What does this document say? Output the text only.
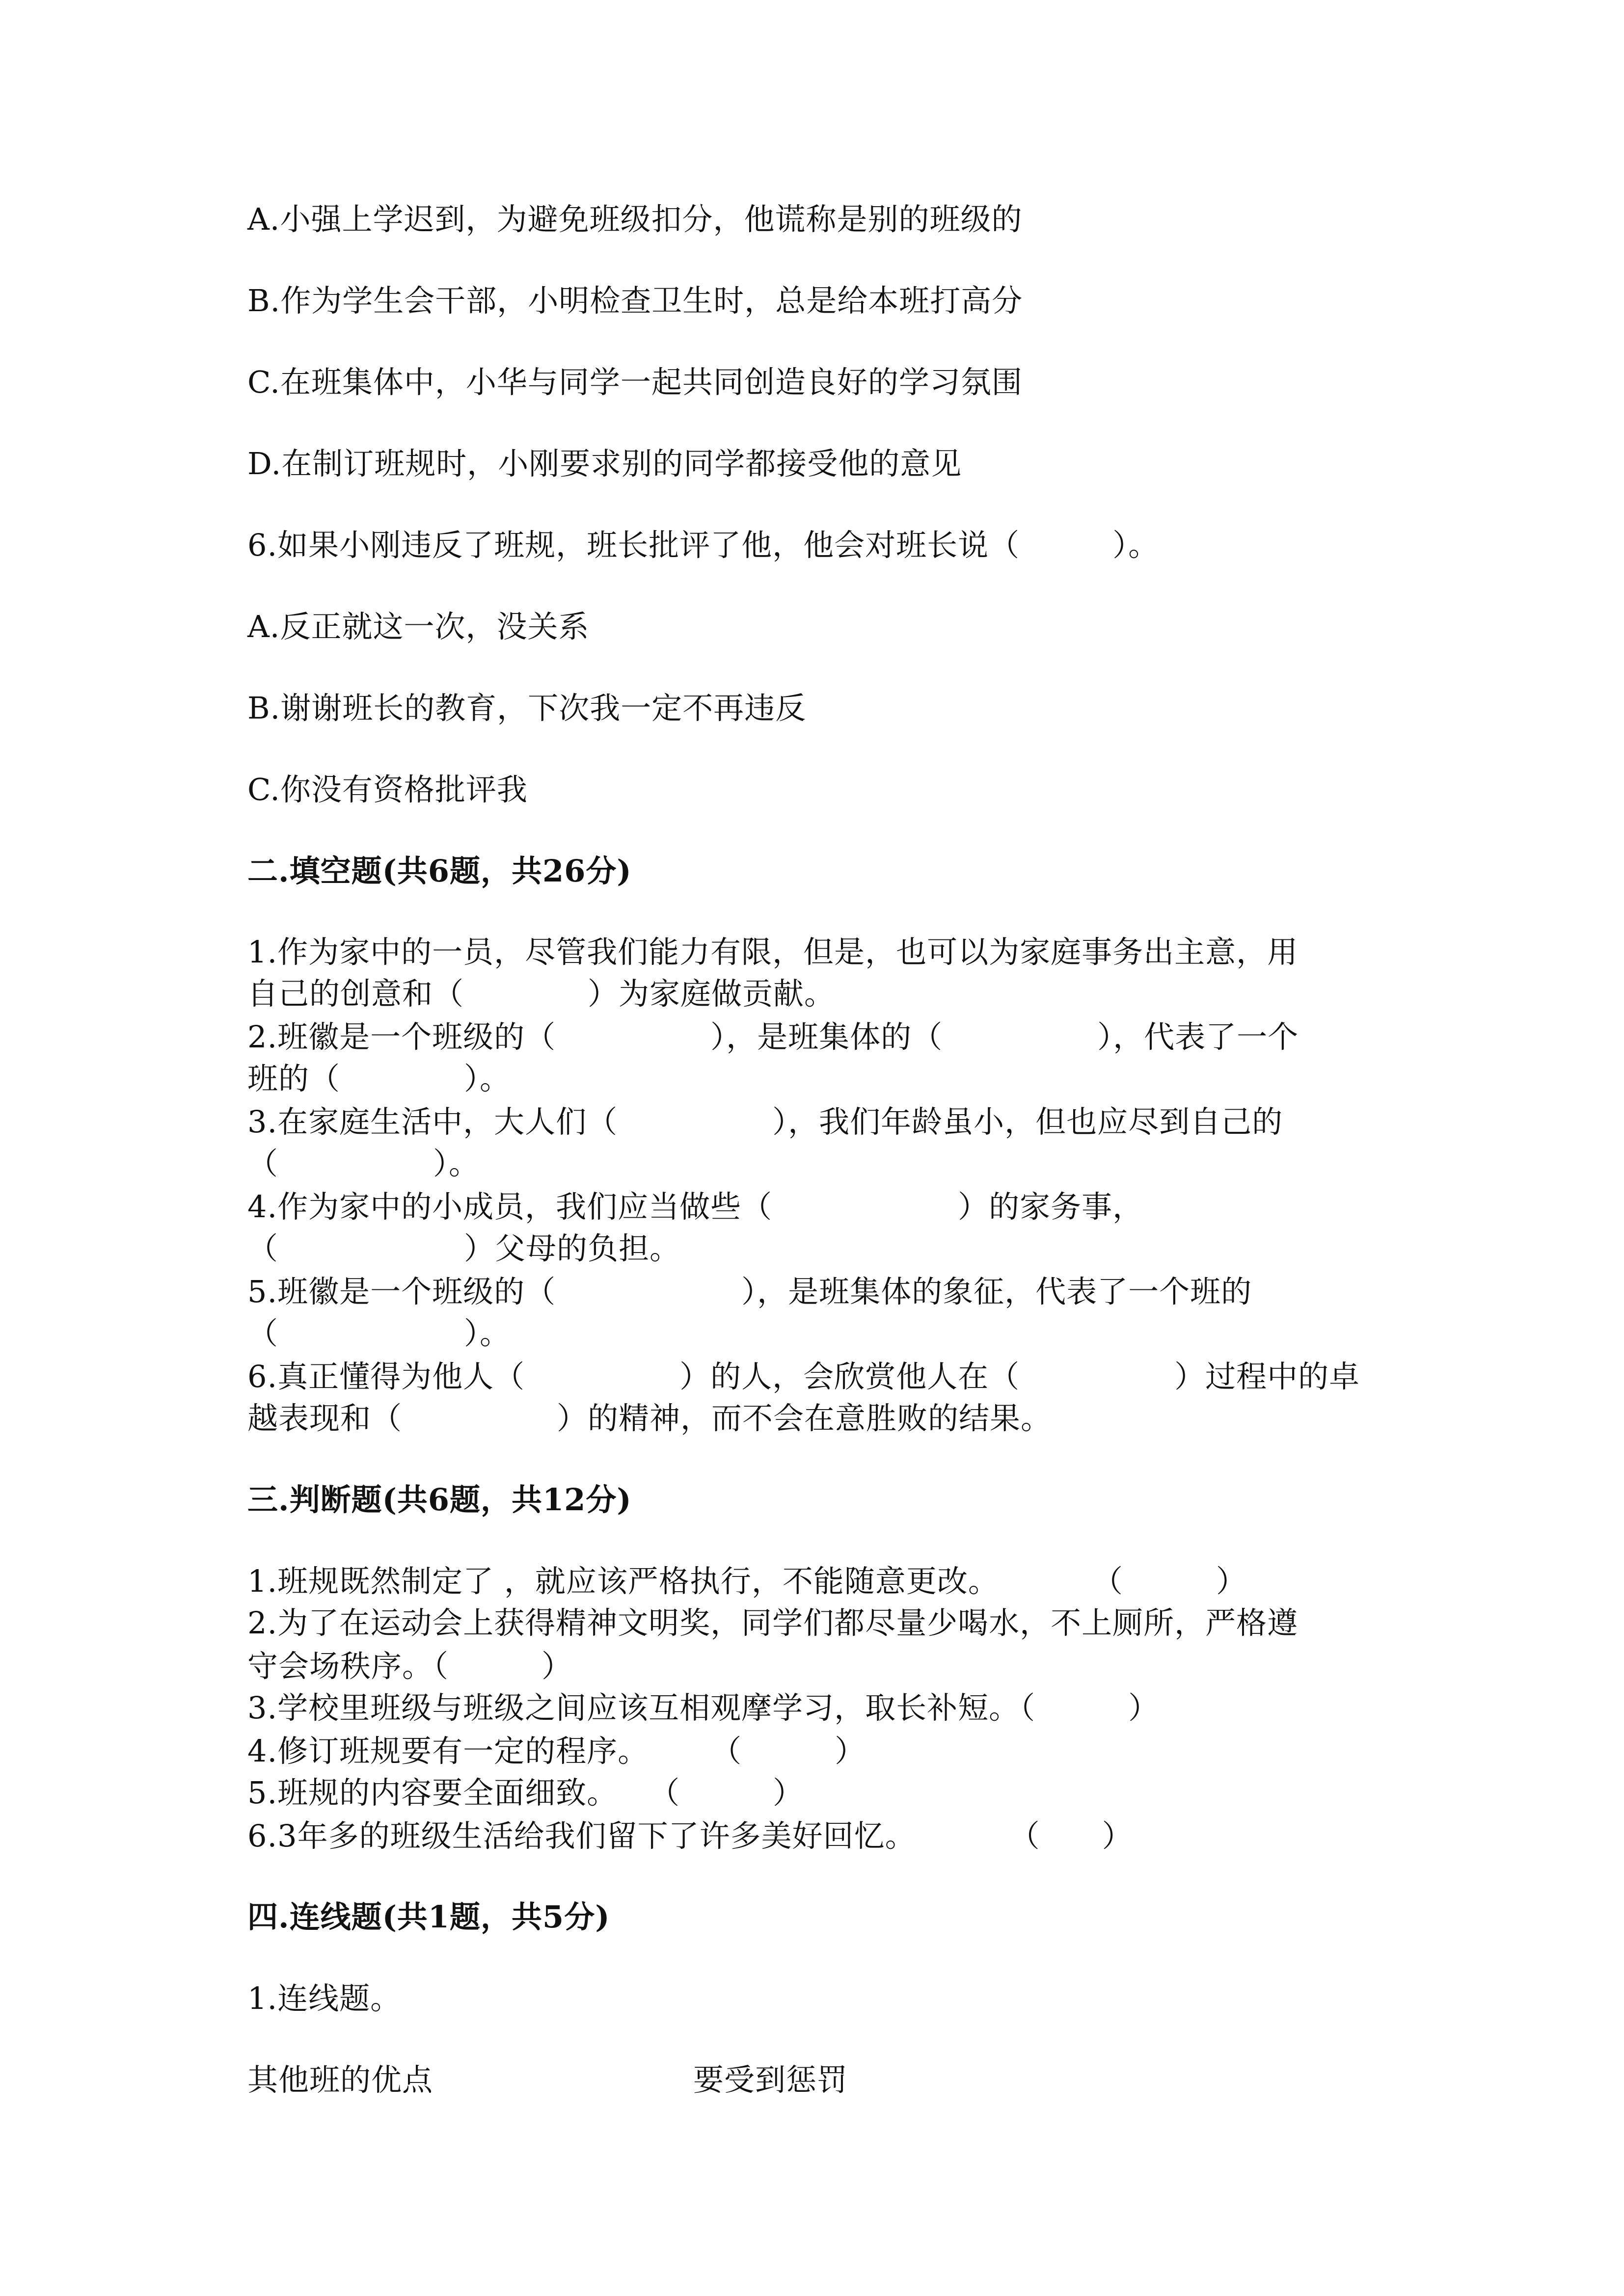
A.小强上学迟到，为避免班级扣分，他谎称是别的班级的
B.作为学生会干部，小明检查卫生时，总是给本班打高分
C.在班集体中，小华与同学一起共同创造良好的学习氛围
D.在制订班规时，小刚要求别的同学都接受他的意见
6.如果小刚违反了班规，班长批评了他，他会对班长说（　　　）。
A.反正就这一次，没关系
B.谢谢班长的教育，下次我一定不再违反
C.你没有资格批评我
二.填空题(共6题，共26分)
1.作为家中的一员，尽管我们能力有限，但是，也可以为家庭事务出主意，用
自己的创意和（　　　　）为家庭做贡献。
2.班徽是一个班级的（　　　　　），是班集体的（　　　　　），代表了一个
班的（　　　　）。
3.在家庭生活中，大人们（　　　　　），我们年龄虽小，但也应尽到自己的
（　　　　　）。
4.作为家中的小成员，我们应当做些（　　　　　　）的家务事，
（　　　　　　）父母的负担。
5.班徽是一个班级的（　　　　　　），是班集体的象征，代表了一个班的
（　　　　　　）。
6.真正懂得为他人（　　　　　）的人，会欣赏他人在（　　　　　）过程中的卓
越表现和（　　　　　）的精神，而不会在意胜败的结果。
三.判断题(共6题，共12分)
1.班规既然制定了 ，就应该严格执行，不能随意更改。　　　　（　　　）
2.为了在运动会上获得精神文明奖，同学们都尽量少喝水，不上厕所，严格遵
守会场秩序。（　　　）
3.学校里班级与班级之间应该互相观摩学习，取长补短。（　　　）
4.修订班规要有一定的程序。　　　（　　　）
5.班规的内容要全面细致。　　（　　　）
6.3年多的班级生活给我们留下了许多美好回忆。　　　　（　　）
四.连线题(共1题，共5分)
1.连线题。
其他班的优点	要受到惩罚
